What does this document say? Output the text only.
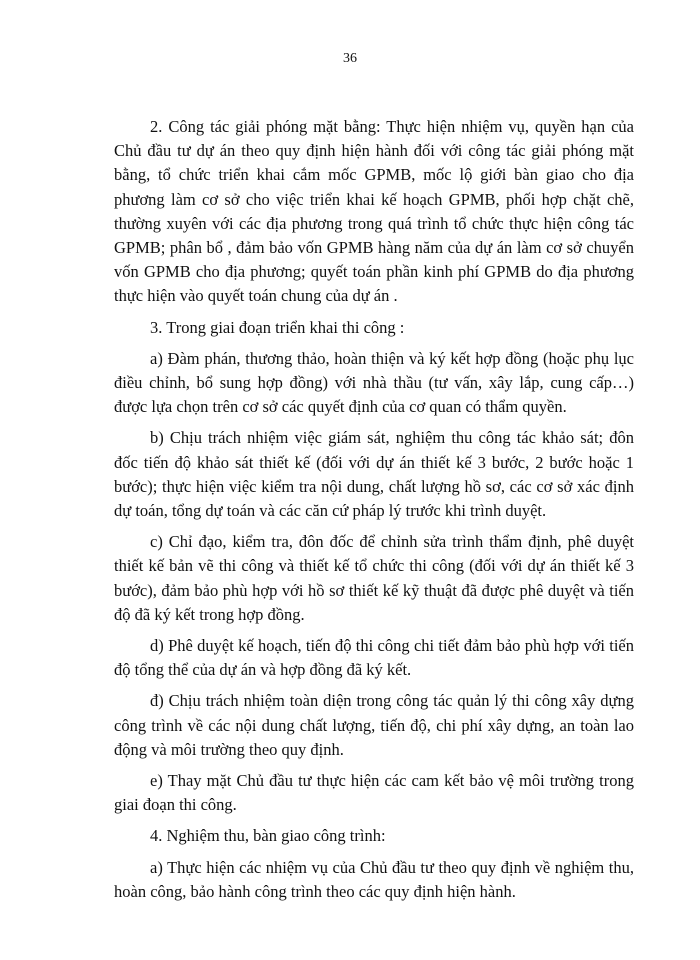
36

2. Công tác giải phóng mặt bằng: Thực hiện nhiệm vụ, quyền hạn của Chủ đầu tư dự án theo quy định hiện hành đối với công tác giải phóng mặt bằng, tổ chức triển khai cắm mốc GPMB, mốc lộ giới bàn giao cho địa phương làm cơ sở cho việc triển khai kế hoạch GPMB, phối hợp chặt chẽ, thường xuyên với các địa phương trong quá trình tổ chức thực hiện công tác GPMB; phân bổ , đảm bảo vốn GPMB hàng năm của dự án làm cơ sở chuyển vốn GPMB cho địa phương; quyết toán phần kinh phí GPMB do địa phương thực hiện vào quyết toán chung của dự án .

3. Trong giai đoạn triển khai thi công :

a) Đàm phán, thương thảo, hoàn thiện và ký kết hợp đồng (hoặc phụ lục điều chỉnh, bổ sung hợp đồng) với nhà thầu (tư vấn, xây lắp, cung cấp…) được lựa chọn trên cơ sở các quyết định của cơ quan có thẩm quyền.

b) Chịu trách nhiệm việc giám sát, nghiệm thu công tác khảo sát; đôn đốc tiến độ khảo sát thiết kế (đối với dự án thiết kế 3 bước, 2 bước hoặc 1 bước); thực hiện việc kiểm tra nội dung, chất lượng hồ sơ, các cơ sở xác định dự toán, tổng dự toán và các căn cứ pháp lý trước khi trình duyệt.

c) Chỉ đạo, kiểm tra, đôn đốc để chỉnh sửa trình thẩm định, phê duyệt thiết kế bản vẽ thi công và thiết kế tổ chức thi công (đối với dự án thiết kế 3 bước), đảm bảo phù hợp với hồ sơ thiết kế kỹ thuật đã được phê duyệt và tiến độ đã ký kết trong hợp đồng.

d) Phê duyệt kế hoạch, tiến độ thi công chi tiết đảm bảo phù hợp với tiến độ tổng thể của dự án và hợp đồng đã ký kết.

đ) Chịu trách nhiệm toàn diện trong công tác quản lý thi công xây dựng công trình về các nội dung chất lượng, tiến độ, chi phí xây dựng, an toàn lao động và môi trường theo quy định.

e) Thay mặt Chủ đầu tư thực hiện các cam kết bảo vệ môi trường trong giai đoạn thi công.

4. Nghiệm thu, bàn giao công trình:

a) Thực hiện các nhiệm vụ của Chủ đầu tư theo quy định về nghiệm thu, hoàn công, bảo hành công trình theo các quy định hiện hành.
